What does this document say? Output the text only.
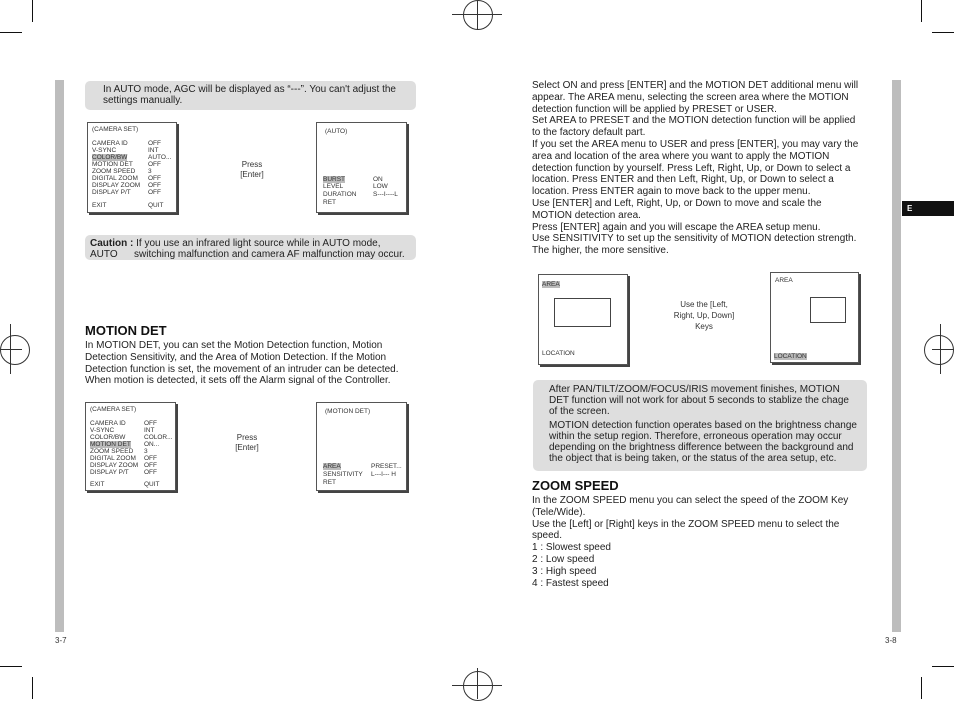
In AUTO mode, AGC will be displayed as “---”. You can't adjust the settings manually.
(CAMERA SET)
CAMERA ID	OFF
V-SYNC	INT
COLOR/BW	AUTO...
MOTION DET OFF
ZOOM SPEED 3
DIGITAL ZOOM OFF
DISPLAY ZOOM OFF
DISPLAY P/T	OFF
EXIT	QUIT
Press
[Enter]
(AUTO)
BURST	ON
LEVEL	LOW
DURATION	S---I----L
RET
Caution : If you use an infrared light source while in AUTO mode, AUTO	switching malfunction and camera AF malfunction may occur.
MOTION DET
In MOTION DET, you can set the Motion Detection function, Motion Detection Sensitivity, and the Area of Motion Detection. If the Motion Detection function is set, the movement of an intruder can be detected. When motion is detected, it sets off the Alarm signal of the Controller.
(CAMERA SET)
CAMERA ID	OFF
V-SYNC	INT
COLOR/BW	COLOR...
MOTION DET ON...
ZOOM SPEED 3
DIGITAL ZOOM OFF
DISPLAY ZOOM OFF
DISPLAY P/T OFF
EXIT	QUIT
Press
[Enter]
(MOTION DET)
AREA	PRESET...
SENSITIVITY L---I--- H
RET
3-7

Select ON and press [ENTER] and the MOTION DET additional menu will appear. The AREA menu, selecting the screen area where the MOTION detection function will be applied by PRESET or USER.

Set AREA to PRESET and the MOTION detection function will be applied to the factory default part.

If you set the AREA menu to USER and press [ENTER], you may vary the area and location of the area where you want to apply the MOTION detection function by yourself. Press Left, Right, Up, or Down to select a location. Press ENTER and then Left, Right, Up, or Down to select a location. Press ENTER again to move back to the upper menu.

Use [ENTER] and Left, Right, Up, or Down to move and scale the MOTION detection area.

Press [ENTER] again and you will escape the AREA setup menu.

Use SENSITIVITY to set up the sensitivity of MOTION detection strength. The higher, the more sensitive.

AREA
LOCATION
Use the [Left,
Right, Up, Down]
Keys
AREA
LOCATION
After PAN/TILT/ZOOM/FOCUS/IRIS movement finishes, MOTION DET function will not work for about 5 seconds to stablize the chage of the screen.
MOTION detection function operates based on the brightness change within the setup region. Therefore, erroneous operation may occur depending on the brightness difference between the background and the object that is being taken, or the status of the area setup, etc.
ZOOM SPEED

In the ZOOM SPEED menu you can select the speed of the ZOOM Key (Tele/Wide).

Use the [Left] or [Right] keys in the ZOOM SPEED menu to select the speed.

1 : Slowest speed

2 : Low speed

3 : High speed

4 : Fastest speed

E
3-8
